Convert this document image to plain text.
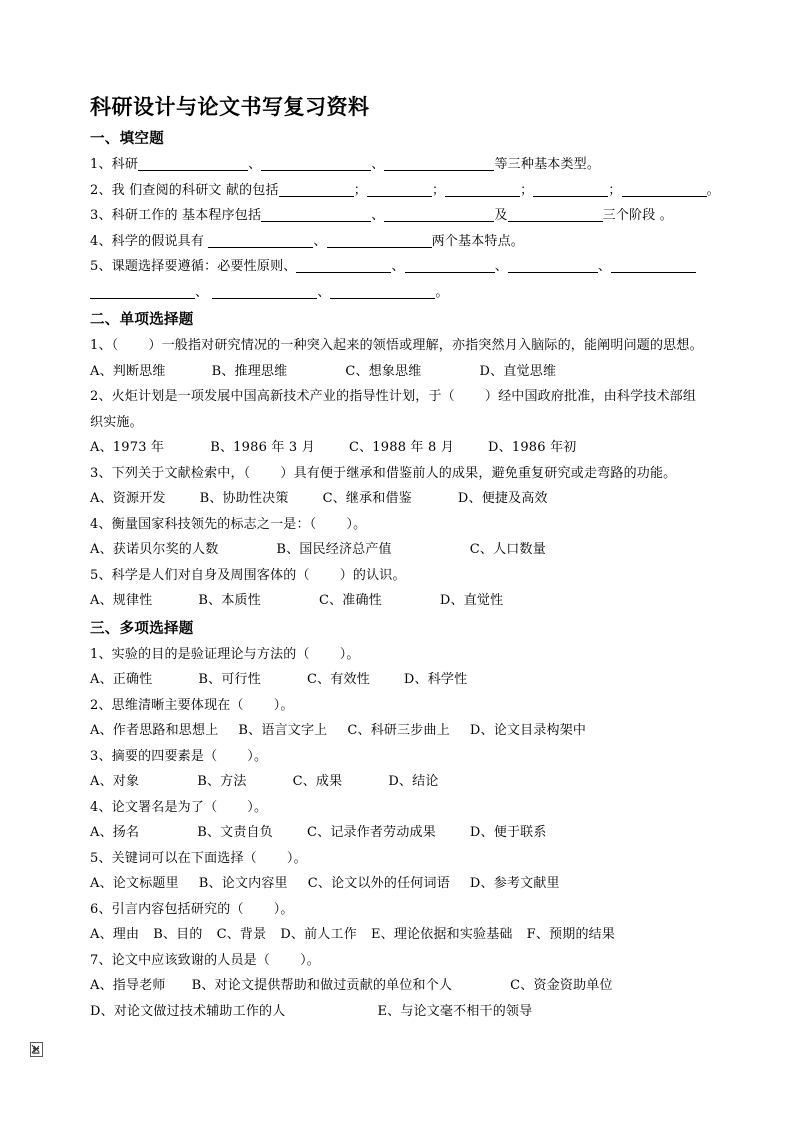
科研设计与论文书写复习资料
一、填空题
1、科研	、	、	等三种基本类型。
2、我 们查阅的科研文 献的包括	；	；	；	；	。
3、科研工作的 基本程序包括	、	及	三个阶段 。
4、科学的假说具有	、	两个基本特点。
5、课题选择要遵循：必要性原则、	、	、	、
、	、	。
二、单项选择题
1、（ ）一般指对研究情况的一种突入起来的领悟或理解，亦指突然月入脑际的，能阐明问题的思想。
A、判断思维	B、推理思维	C、想象思维	D、直觉思维
2、火炬计划是一项发展中国高新技术产业的指导性计划，于（ ）经中国政府批准，由科学技术部组
织实施。
A、1973 年	B、1986 年 3 月	C、1988 年 8 月	D、1986 年初
3、下列关于文献检索中，（ ）具有便于继承和借鉴前人的成果，避免重复研究或走弯路的功能。
A、资源开发	B、协助性决策	C、继承和借鉴	D、便捷及高效
4、衡量国家科技领先的标志之一是：（ ）。
A、获诺贝尔奖的人数	B、国民经济总产值	C、人口数量
5、科学是人们对自身及周围客体的（ ）的认识。
A、规律性	B、本质性	C、准确性	D、直觉性
三、多项选择题
1、实验的目的是验证理论与方法的（ ）。
A、正确性	B、可行性	C、有效性	D、科学性
2、思维清晰主要体现在（ ）。
A、作者思路和思想上 B、语言文字上 C、科研三步曲上 D、论文目录构架中
3、摘要的四要素是（ ）。
A、对象	B、方法	C、成果	D、结论
4、论文署名是为了（ ）。
A、扬名	B、文责自负	C、记录作者劳动成果	D、便于联系
5、关键词可以在下面选择（ ）。
A、论文标题里 B、论文内容里 C、论文以外的任何词语 D、参考文献里
6、引言内容包括研究的（ ）。
A、理由 B、目的 C、背景 D、前人工作 E、理论依据和实验基础 F、预期的结果
7、论文中应该致谢的人员是（ ）。
A、指导老师 B、对论文提供帮助和做过贡献的单位和个人	C、资金资助单位
D、对论文做过技术辅助工作的人	E、与论文毫不相干的领导
